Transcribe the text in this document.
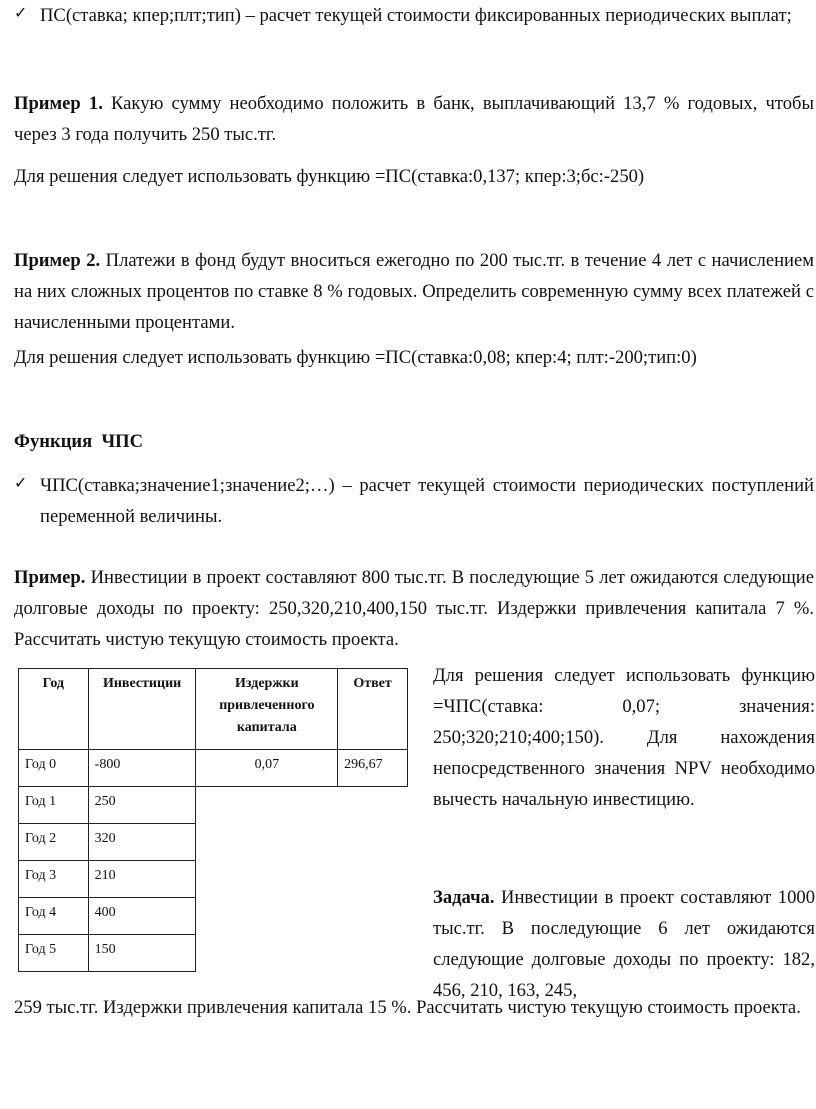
✓ ПС(ставка; кпер;плт;тип) – расчет текущей стоимости фиксированных периодических выплат;

Пример 1. Какую сумму необходимо положить в банк, выплачивающий 13,7 % годовых, чтобы через 3 года получить 250 тыс.тг.

Для решения следует использовать функцию =ПС(ставка:0,137; кпер:3;бс:-250)

Пример 2. Платежи в фонд будут вноситься ежегодно по 200 тыс.тг. в течение 4 лет с начислением на них сложных процентов по ставке 8 % годовых. Определить современную сумму всех платежей с начисленными процентами.

Для решения следует использовать функцию =ПС(ставка:0,08; кпер:4; плт:-200;тип:0)

Функция  ЧПС

✓ ЧПС(ставка;значение1;значение2;…) – расчет текущей стоимости периодических поступлений переменной величины.

Пример. Инвестиции в проект составляют 800 тыс.тг. В последующие 5 лет ожидаются следующие долговые доходы по проекту: 250,320,210,400,150 тыс.тг. Издержки привлечения капитала 7 %. Рассчитать чистую текущую стоимость проекта.

Год	Инвестиции	Издержки привлеченного капитала	Ответ
Год 0	-800	0,07	296,67
Год 1	250		
Год 2	320		
Год 3	210		
Год 4	400		
Год 5	150		

Для решения следует использовать функцию =ЧПС(ставка: 0,07; значения: 250;320;210;400;150). Для нахождения непосредственного значения NPV необходимо вычесть начальную инвестицию.

Задача. Инвестиции в проект составляют 1000 тыс.тг. В последующие 6 лет ожидаются следующие долговые доходы по проекту: 182, 456, 210, 163, 245,

259 тыс.тг. Издержки привлечения капитала 15 %. Рассчитать чистую текущую стоимость проекта.
